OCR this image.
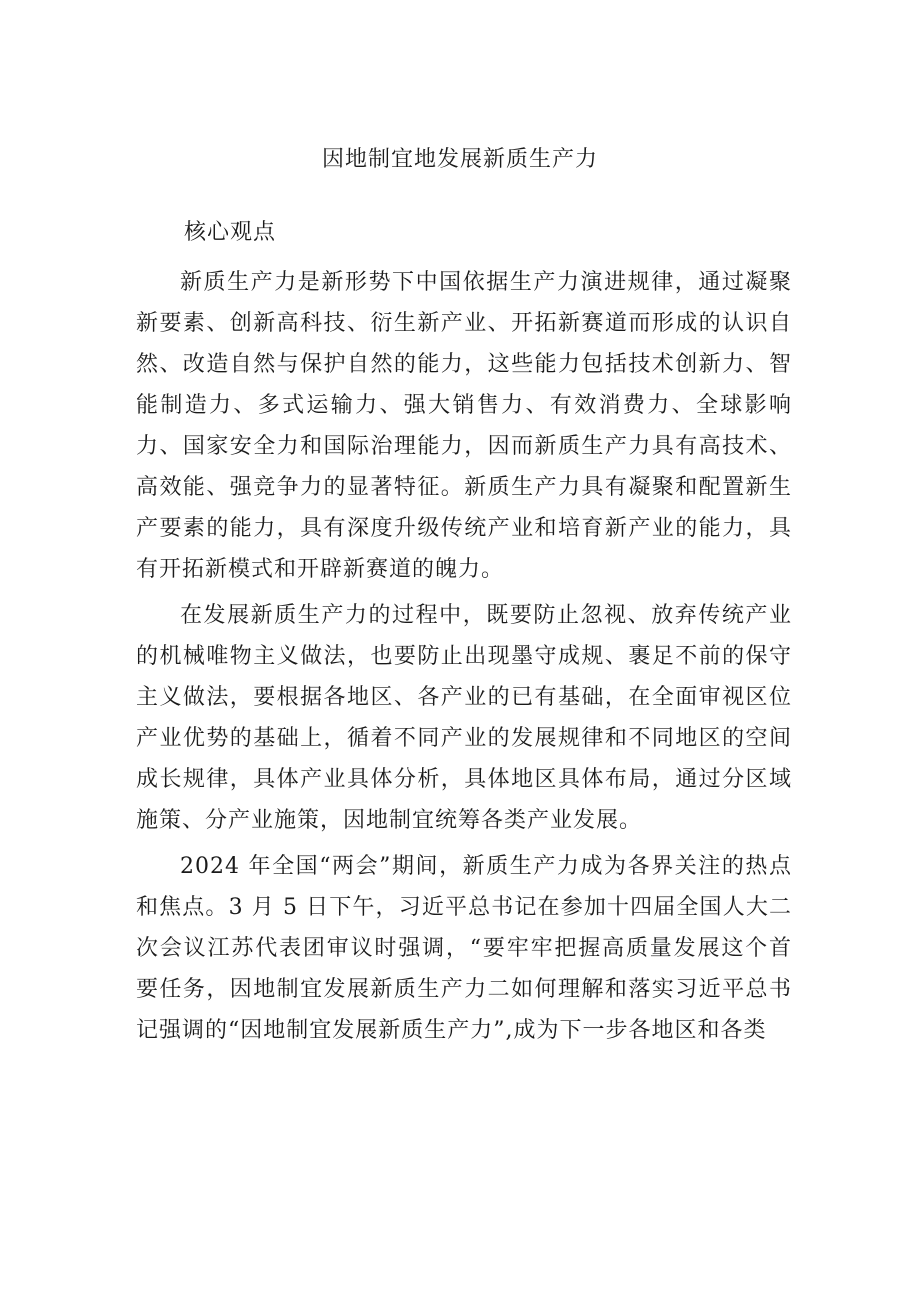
因地制宜地发展新质生产力
核心观点

新质生产力是新形势下中国依据生产力演进规律，通过凝聚新要素、创新高科技、衍生新产业、开拓新赛道而形成的认识自然、改造自然与保护自然的能力，这些能力包括技术创新力、智能制造力、多式运输力、强大销售力、有效消费力、全球影响力、国家安全力和国际治理能力，因而新质生产力具有高技术、高效能、强竞争力的显著特征。新质生产力具有凝聚和配置新生产要素的能力，具有深度升级传统产业和培育新产业的能力，具有开拓新模式和开辟新赛道的魄力。

在发展新质生产力的过程中，既要防止忽视、放弃传统产业的机械唯物主义做法，也要防止出现墨守成规、裹足不前的保守主义做法，要根据各地区、各产业的已有基础，在全面审视区位产业优势的基础上，循着不同产业的发展规律和不同地区的空间成长规律，具体产业具体分析，具体地区具体布局，通过分区域施策、分产业施策，因地制宜统筹各类产业发展。

2024 年全国“两会”期间，新质生产力成为各界关注的热点和焦点。3 月 5 日下午，习近平总书记在参加十四届全国人大二次会议江苏代表团审议时强调，“要牢牢把握高质量发展这个首要任务，因地制宜发展新质生产力二如何理解和落实习近平总书记强调的“因地制宜发展新质生产力”,成为下一步各地区和各类
